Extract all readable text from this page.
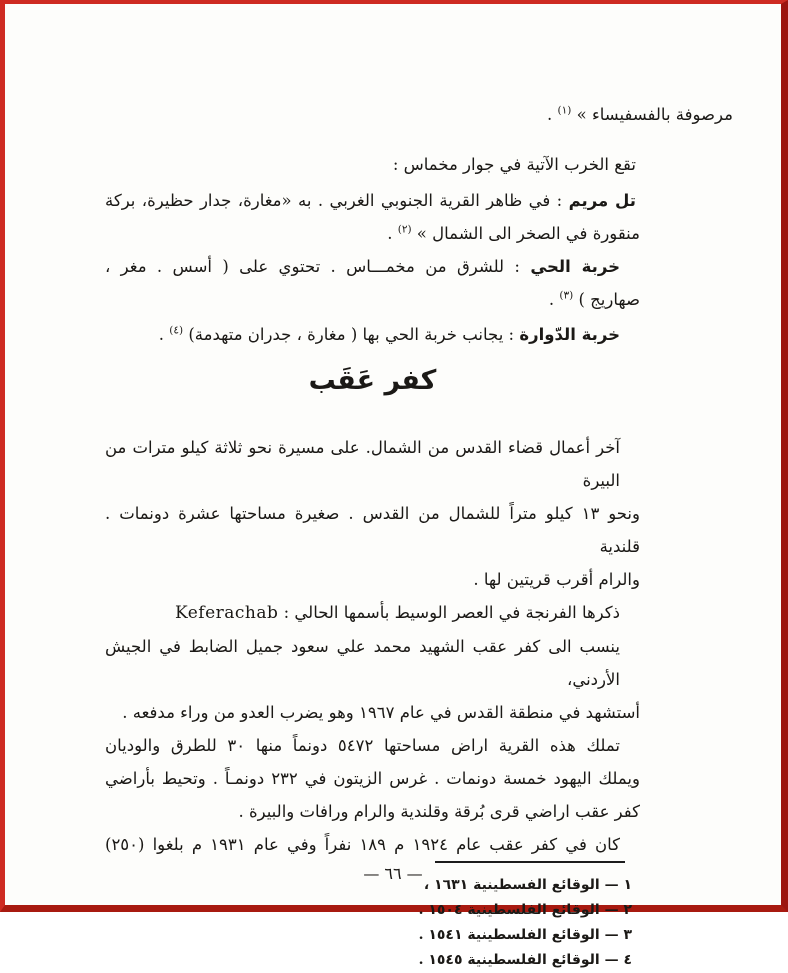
مرصوفة بالفسفيساء » $^{(١)}$ .
تقع الخرب الآتية في جوار مخماس :
تل مريم : في ظاهر القرية الجنوبي الغربي . به «مغارة، جدار حظيرة، بركة
منقورة في الصخر الى الشمال » $^{(٢)}$ .
خربة الحي : للشرق من مخمـــاس . تحتوي على ( أسس . مغر ،
صهاريج ) $^{(٣)}$ .
خربة الدّوارة : يجانب خربة الحي بها ( مغارة ، جدران متهدمة) $^{(٤)}$ .
كفر عَقَب
آخر أعمال قضاء القدس من الشمال. على مسيرة نحو ثلاثة كيلو مترات من البيرة
ونحو ١٣ كيلو متراً للشمال من القدس . صغيرة مساحتها عشرة دونمات . قلندية
والرام أقرب قريتين لها .
ذكرها الفرنجة في العصر الوسيط بأسمها الحالي : Keferachab
ينسب الى كفر عقب الشهيد محمد علي سعود جميل الضابط في الجيش الأردني،
أستشهد في منطقة القدس في عام ١٩٦٧ وهو يضرب العدو من وراء مدفعه .
تملك هذه القرية اراض مساحتها ٥٤٧٢ دونماً منها ٣٠ للطرق والوديان
ويملك اليهود خمسة دونمات . غرس الزيتون في ٢٣٢ دونمـاً . وتحيط بأراضي
كفر عقب اراضي قرى بُرقة وقلندية والرام ورافات والبيرة .
كان في كفر عقب عام ١٩٢٤ م ١٨٩ نفراً وفي عام ١٩٣١ م بلغوا (٢٥٠)
١ — الوقائع الفسطينية ١٦٣١ ،
٢ — الوقائع الفلسطينية ١٥٠٤ .
٣ — الوقائع الفلسطينية ١٥٤١ .
٤ — الوقائع الفلسطينية ١٥٤٥ .
— ٦٦ —
